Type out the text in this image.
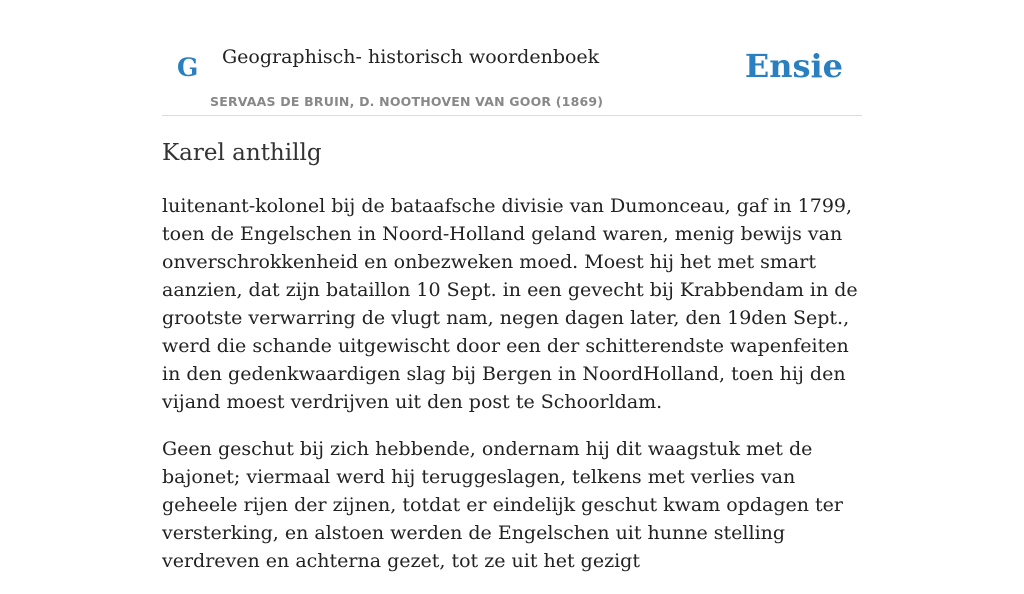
G Geographisch- historisch woordenboek
SERVAAS DE BRUIN, D. NOOTHOVEN VAN GOOR (1869)
Ensie
Karel anthillg

luitenant-kolonel bij de bataafsche divisie van Dumonceau, gaf in 1799, toen de Engelschen in Noord-Holland geland waren, menig bewijs van onverschrokkenheid en onbezweken moed. Moest hij het met smart aanzien, dat zijn bataillon 10 Sept. in een gevecht bij Krabbendam in de grootste verwarring de vlugt nam, negen dagen later, den 19den Sept., werd die schande uitgewischt door een der schitterendste wapenfeiten in den gedenkwaardigen slag bij Bergen in NoordHolland, toen hij den vijand moest verdrijven uit den post te Schoorldam.

Geen geschut bij zich hebbende, ondernam hij dit waagstuk met de bajonet; viermaal werd hij teruggeslagen, telkens met verlies van geheele rijen der zijnen, totdat er eindelijk geschut kwam opdagen ter versterking, en alstoen werden de Engelschen uit hunne stelling verdreven en achterna gezet, tot ze uit het gezigt
